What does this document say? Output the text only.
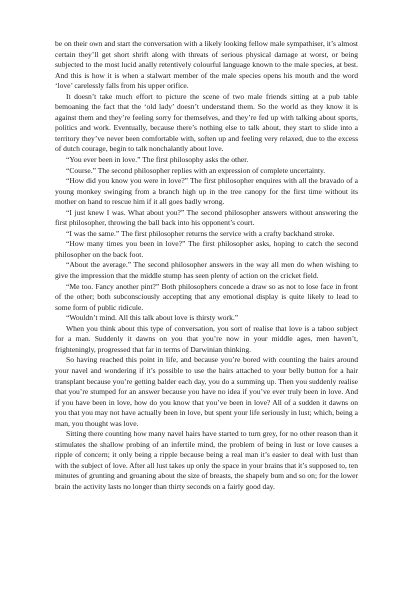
be on their own and start the conversation with a likely looking fellow male sympathiser, it’s almost certain they’ll get short shrift along with threats of serious physical damage at worst, or being subjected to the most lucid anally retentively colourful language known to the male species, at best. And this is how it is when a stalwart member of the male species opens his mouth and the word ‘love’ carelessly falls from his upper orifice.

It doesn’t take much effort to picture the scene of two male friends sitting at a pub table bemoaning the fact that the ‘old lady’ doesn’t understand them. So the world as they know it is against them and they’re feeling sorry for themselves, and they’re fed up with talking about sports, politics and work. Eventually, because there’s nothing else to talk about, they start to slide into a territory they’ve never been comfortable with, soften up and feeling very relaxed, due to the excess of dutch courage, begin to talk nonchalantly about love.

“You ever been in love.” The first philosophy asks the other.

“Course.” The second philosopher replies with an expression of complete uncertainty.

“How did you know you were in love?” The first philosopher enquires with all the bravado of a young monkey swinging from a branch high up in the tree canopy for the first time without its mother on hand to rescue him if it all goes badly wrong.

“I just knew I was. What about you?” The second philosopher answers without answering the first philosopher, throwing the ball back into his opponent’s court.

“I was the same.” The first philosopher returns the service with a crafty backhand stroke.

“How many times you been in love?” The first philosopher asks, hoping to catch the second philosopher on the back foot.

“About the average.” The second philosopher answers in the way all men do when wishing to give the impression that the middle stump has seen plenty of action on the cricket field.

“Me too. Fancy another pint?” Both philosophers concede a draw so as not to lose face in front of the other; both subconsciously accepting that any emotional display is quite likely to lead to some form of public ridicule.

“Wouldn’t mind. All this talk about love is thirsty work.”

When you think about this type of conversation, you sort of realise that love is a taboo subject for a man. Suddenly it dawns on you that you’re now in your middle ages, men haven’t, frighteningly, progressed that far in terms of Darwinian thinking.

So having reached this point in life, and because you’re bored with counting the hairs around your navel and wondering if it’s possible to use the hairs attached to your belly button for a hair transplant because you’re getting balder each day, you do a summing up. Then you suddenly realise that you’re stumped for an answer because you have no idea if you’ve ever truly been in love. And if you have been in love, how do you know that you’ve been in love? All of a sudden it dawns on you that you may not have actually been in love, but spent your life seriously in lust; which, being a man, you thought was love.

Sitting there counting how many navel hairs have started to turn grey, for no other reason than it stimulates the shallow probing of an infertile mind, the problem of being in lust or love causes a ripple of concern; it only being a ripple because being a real man it’s easier to deal with lust than with the subject of love. After all lust takes up only the space in your brains that it’s supposed to, ten minutes of grunting and groaning about the size of breasts, the shapely bum and so on; for the lower brain the activity lasts no longer than thirty seconds on a fairly good day.
